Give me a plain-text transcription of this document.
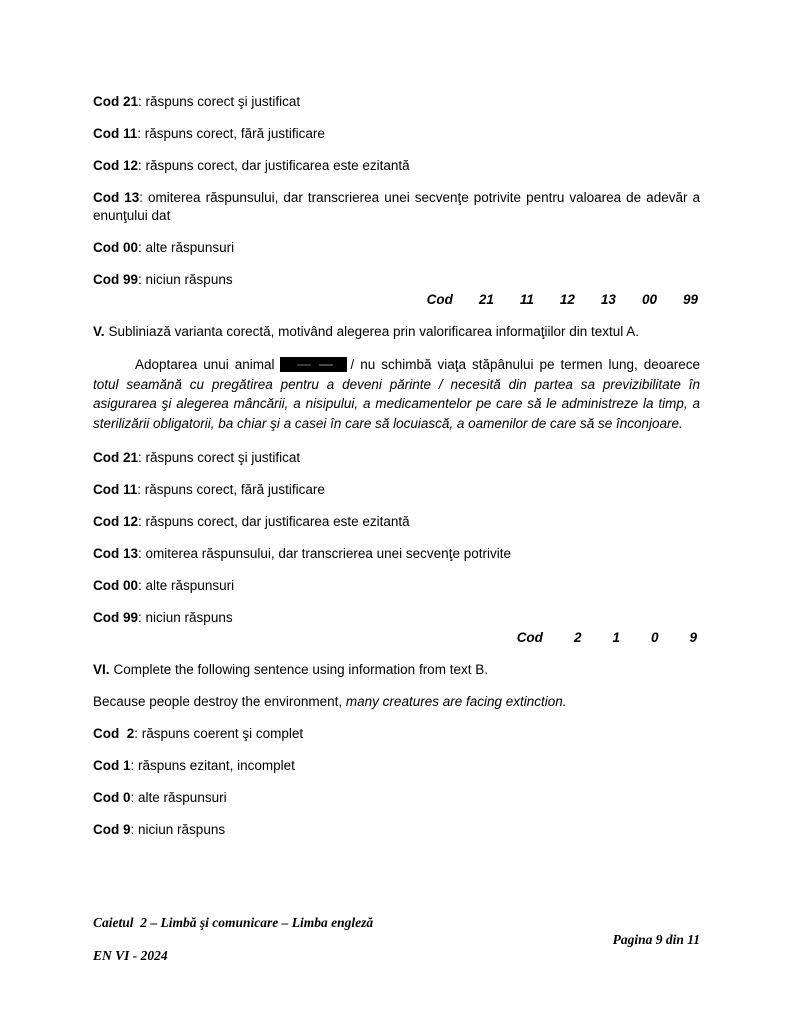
Cod 21: răspuns corect şi justificat

Cod 11: răspuns corect, fără justificare

Cod 12: răspuns corect, dar justificarea este ezitantă

Cod 13: omiterea răspunsului, dar transcrierea unei secvenţe potrivite pentru valoarea de adevăr a enunţului dat

Cod 00: alte răspunsuri

Cod 99: niciun răspuns

Cod 21 11 12 13 00 99

V. Subliniază varianta corectă, motivând alegerea prin valorificarea informaţiilor din textul A.

Adoptarea unui animal	/ nu schimbă viaţa stăpânului pe termen lung, deoarece totul seamănă cu pregătirea pentru a deveni părinte / necesită din partea sa previzibilitate în asigurarea şi alegerea mâncării, a nisipului, a medicamentelor pe care să le administreze la timp, a sterilizării obligatorii, ba chiar şi a casei în care să locuiască, a oamenilor de care să se înconjoare.

Cod 21: răspuns corect şi justificat

Cod 11: răspuns corect, fără justificare

Cod 12: răspuns corect, dar justificarea este ezitantă

Cod 13: omiterea răspunsului, dar transcrierea unei secvenţe potrivite

Cod 00: alte răspunsuri

Cod 99: niciun răspuns

Cod 2 1 0 9

VI. Complete the following sentence using information from text B.

Because people destroy the environment, many creatures are facing extinction.

Cod  2: răspuns coerent şi complet

Cod 1: răspuns ezitant, incomplet

Cod 0: alte răspunsuri

Cod 9: niciun răspuns

Caietul  2 – Limbă şi comunicare – Limba engleză
Pagina 9 din 11
EN VI - 2024
